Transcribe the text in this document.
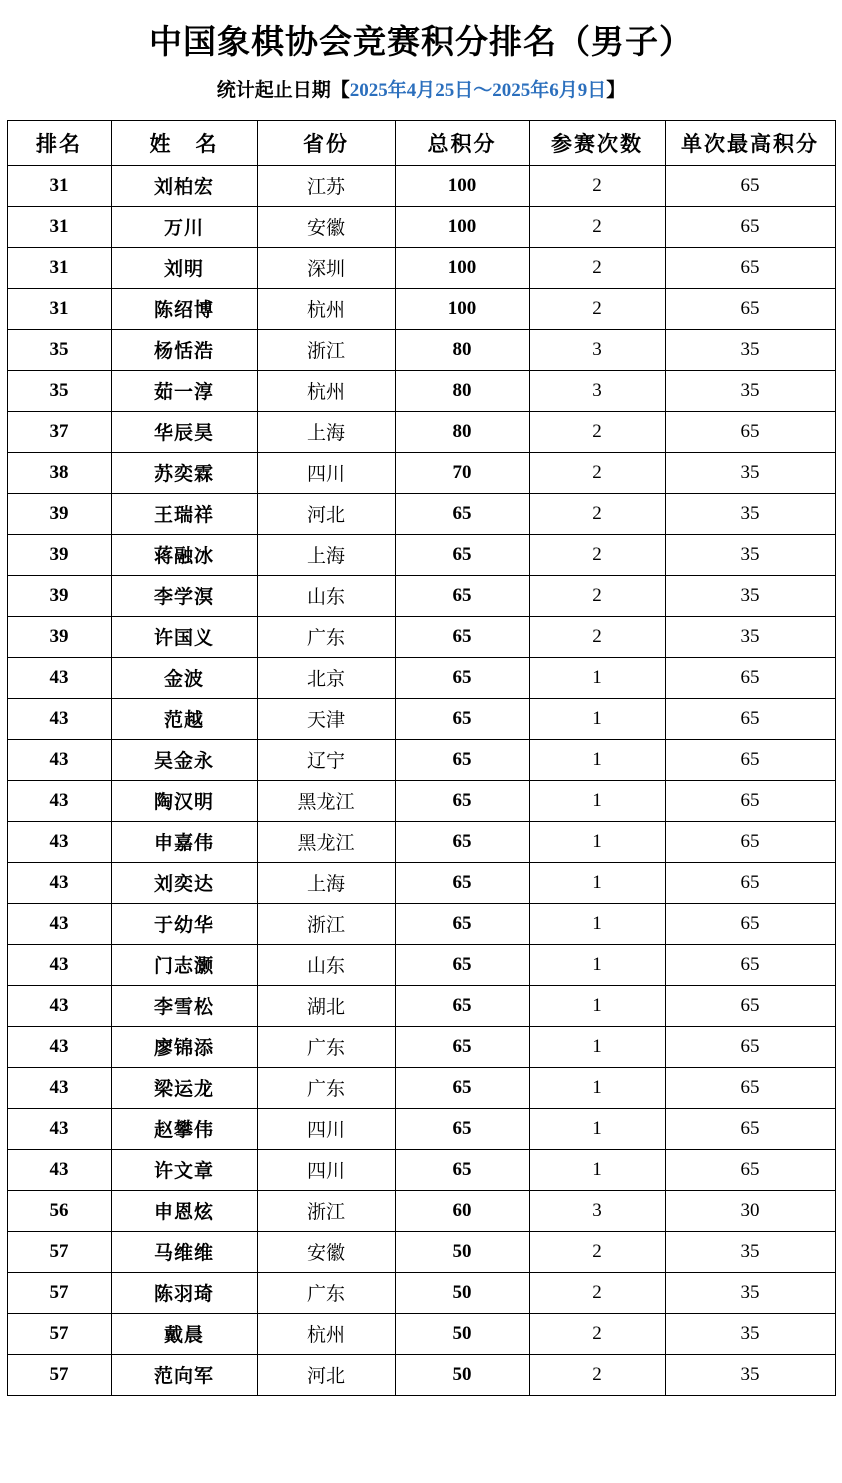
中国象棋协会竞赛积分排名（男子）
统计起止日期【2025年4月25日～2025年6月9日】
排名	姓　名	省份	总积分	参赛次数	单次最高积分
31	刘柏宏	江苏	100	2	65
31	万川	安徽	100	2	65
31	刘明	深圳	100	2	65
31	陈绍博	杭州	100	2	65
35	杨恬浩	浙江	80	3	35
35	茹一淳	杭州	80	3	35
37	华辰昊	上海	80	2	65
38	苏奕霖	四川	70	2	35
39	王瑞祥	河北	65	2	35
39	蒋融冰	上海	65	2	35
39	李学溟	山东	65	2	35
39	许国义	广东	65	2	35
43	金波	北京	65	1	65
43	范越	天津	65	1	65
43	吴金永	辽宁	65	1	65
43	陶汉明	黑龙江	65	1	65
43	申嘉伟	黑龙江	65	1	65
43	刘奕达	上海	65	1	65
43	于幼华	浙江	65	1	65
43	门志灏	山东	65	1	65
43	李雪松	湖北	65	1	65
43	廖锦添	广东	65	1	65
43	梁运龙	广东	65	1	65
43	赵攀伟	四川	65	1	65
43	许文章	四川	65	1	65
56	申恩炫	浙江	60	3	30
57	马维维	安徽	50	2	35
57	陈羽琦	广东	50	2	35
57	戴晨	杭州	50	2	35
57	范向军	河北	50	2	35
